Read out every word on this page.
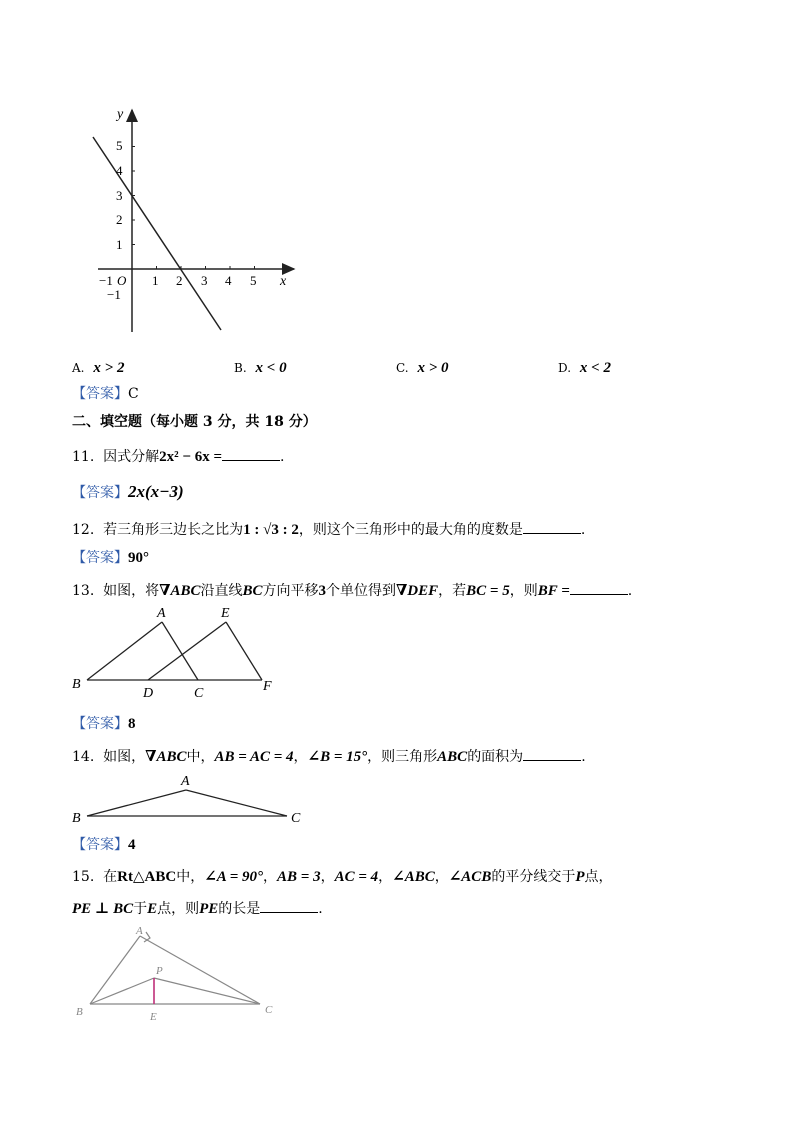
y
x
5
4
3
2
1
−1
−1 O 1 2 3 4 5
A. x > 2	B. x < 0	C. x > 0	D. x < 2
【答案】C
二、填空题（每小题 3 分，共 18 分）
11. 因式分解2x² − 6x =	.
【答案】2x(x−3)
12. 若三角形三边长之比为1 : √3 : 2，则这个三角形中的最大角的度数是	.
【答案】90°
13. 如图，将∇ABC沿直线BC方向平移3个单位得到∇DEF，若BC = 5，则BF =	.
A	E
B
D	C	F
【答案】8
14. 如图，∇ABC中，AB = AC = 4，∠B = 15°，则三角形ABC的面积为	.
A
B	C
【答案】4
15. 在Rt△ABC中，∠A = 90°，AB = 3，AC = 4，∠ABC，∠ACB的平分线交于P点，
PE ⊥ BC于E点，则PE的长是	.
A
P
B	E
C
